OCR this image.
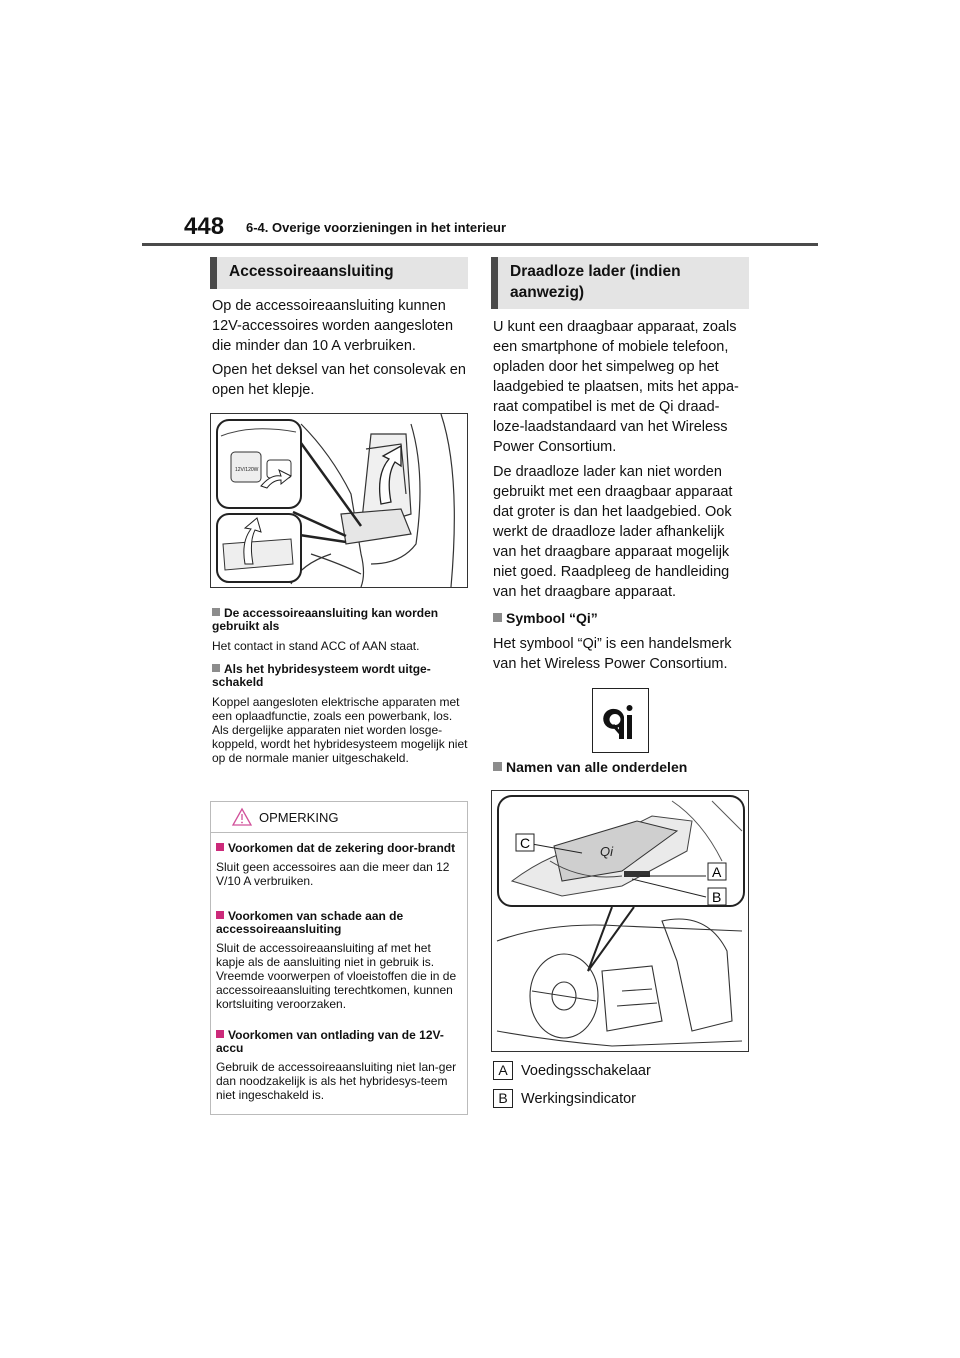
448 6-4. Overige voorzieningen in het interieur
Accessoireaansluiting
Op de accessoireaansluiting kunnen 12V-accessoires worden aangesloten die minder dan 10 A verbruiken.
Open het deksel van het consolevak en open het klepje.
12V/120W
De accessoireaansluiting kan worden gebruikt als
Het contact in stand ACC of AAN staat.
Als het hybridesysteem wordt uitge-schakeld
Koppel aangesloten elektrische apparaten met een oplaadfunctie, zoals een powerbank, los.
Als dergelijke apparaten niet worden losge-koppeld, wordt het hybridesysteem mogelijk niet op de normale manier uitgeschakeld.
OPMERKING
Voorkomen dat de zekering door-brandt
Sluit geen accessoires aan die meer dan 12 V/10 A verbruiken.
Voorkomen van schade aan de accessoireaansluiting
Sluit de accessoireaansluiting af met het kapje als de aansluiting niet in gebruik is. Vreemde voorwerpen of vloeistoffen die in de accessoireaansluiting terechtkomen, kunnen kortsluiting veroorzaken.
Voorkomen van ontlading van de 12V-accu
Gebruik de accessoireaansluiting niet lan-ger dan noodzakelijk is als het hybridesys-teem niet ingeschakeld is.
Draadloze lader (indien aanwezig)
U kunt een draagbaar apparaat, zoals een smartphone of mobiele telefoon, opladen door het simpelweg op het laadgebied te plaatsen, mits het appa-raat compatibel is met de Qi draad-loze-laadstandaard van het Wireless Power Consortium.
De draadloze lader kan niet worden gebruikt met een draagbaar apparaat dat groter is dan het laadgebied. Ook werkt de draadloze lader afhankelijk van het draagbare apparaat mogelijk niet goed. Raadpleeg de handleiding van het draagbare apparaat.
Symbool “Qi”
Het symbool “Qi” is een handelsmerk van het Wireless Power Consortium.
Namen van alle onderdelen
Qi
C
A
B
A Voedingsschakelaar
B Werkingsindicator
